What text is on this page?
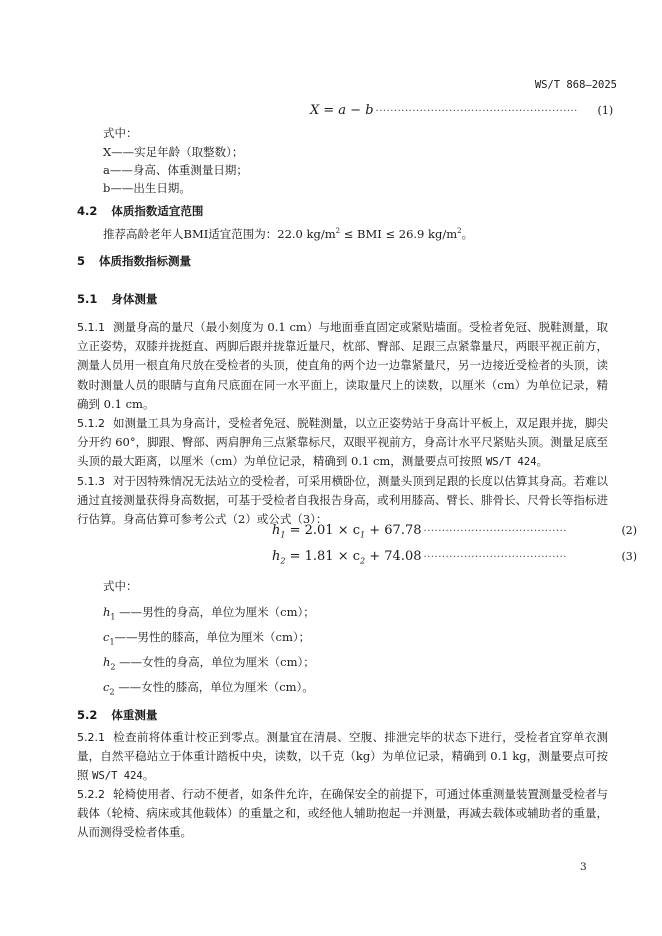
WS/T 868—2025
X = a − b ·······················································	(1)
式中：
X——实足年龄（取整数）；
a——身高、体重测量日期；
b——出生日期。
4.2 体质指数适宜范围
推荐高龄老年人BMI适宜范围为：22.0 $kg/m^2$ ≤ BMI ≤ 26.9 $kg/m^2$。
5 体质指数指标测量
5.1 身体测量
5.1.1 测量身高的量尺（最小刻度为 0.1 cm）与地面垂直固定或紧贴墙面。受检者免冠、脱鞋测量，取立正姿势，双膝并拢挺直、两脚后跟并拢靠近量尺，枕部、臀部、足跟三点紧靠量尺，两眼平视正前方，测量人员用一根直角尺放在受检者的头顶，使直角的两个边一边靠紧量尺，另一边接近受检者的头顶，读数时测量人员的眼睛与直角尺底面在同一水平面上，读取量尺上的读数，以厘米（cm）为单位记录，精确到 0.1 cm。
5.1.2 如测量工具为身高计，受检者免冠、脱鞋测量，以立正姿势站于身高计平板上，双足跟并拢，脚尖分开约 60°，脚跟、臀部、两肩胛角三点紧靠标尺，双眼平视前方，身高计水平尺紧贴头顶。测量足底至头顶的最大距离，以厘米（cm）为单位记录，精确到 0.1 cm，测量要点可按照 WS/T 424。
5.1.3 对于因特殊情况无法站立的受检者，可采用横卧位，测量头顶到足跟的长度以估算其身高。若难以通过直接测量获得身高数据，可基于受检者自我报告身高，或利用膝高、臂长、腓骨长、尺骨长等指标进行估算。身高估算可参考公式（2）或公式（3）：
$h_1 = 2.01 \times c_1 + 67.78$ ·······································	(2)
$h_2 = 1.81 \times c_2 + 74.08$ ·······································	(3)
式中：
$h_1$ ——男性的身高，单位为厘米（cm）；
$c_1——$男性的膝高，单位为厘米（cm）；
$h_2$ ——女性的身高，单位为厘米（cm）；
$c_2$ ——女性的膝高，单位为厘米（cm）。
5.2 体重测量
5.2.1 检查前将体重计校正到零点。测量宜在清晨、空腹、排泄完毕的状态下进行，受检者宜穿单衣测量，自然平稳站立于体重计踏板中央，读数，以千克（kg）为单位记录，精确到 0.1 kg，测量要点可按照 WS/T 424。
5.2.2 轮椅使用者、行动不便者，如条件允许，在确保安全的前提下，可通过体重测量装置测量受检者与载体（轮椅、病床或其他载体）的重量之和，或经他人辅助抱起一并测量，再减去载体或辅助者的重量，从而测得受检者体重。
3
